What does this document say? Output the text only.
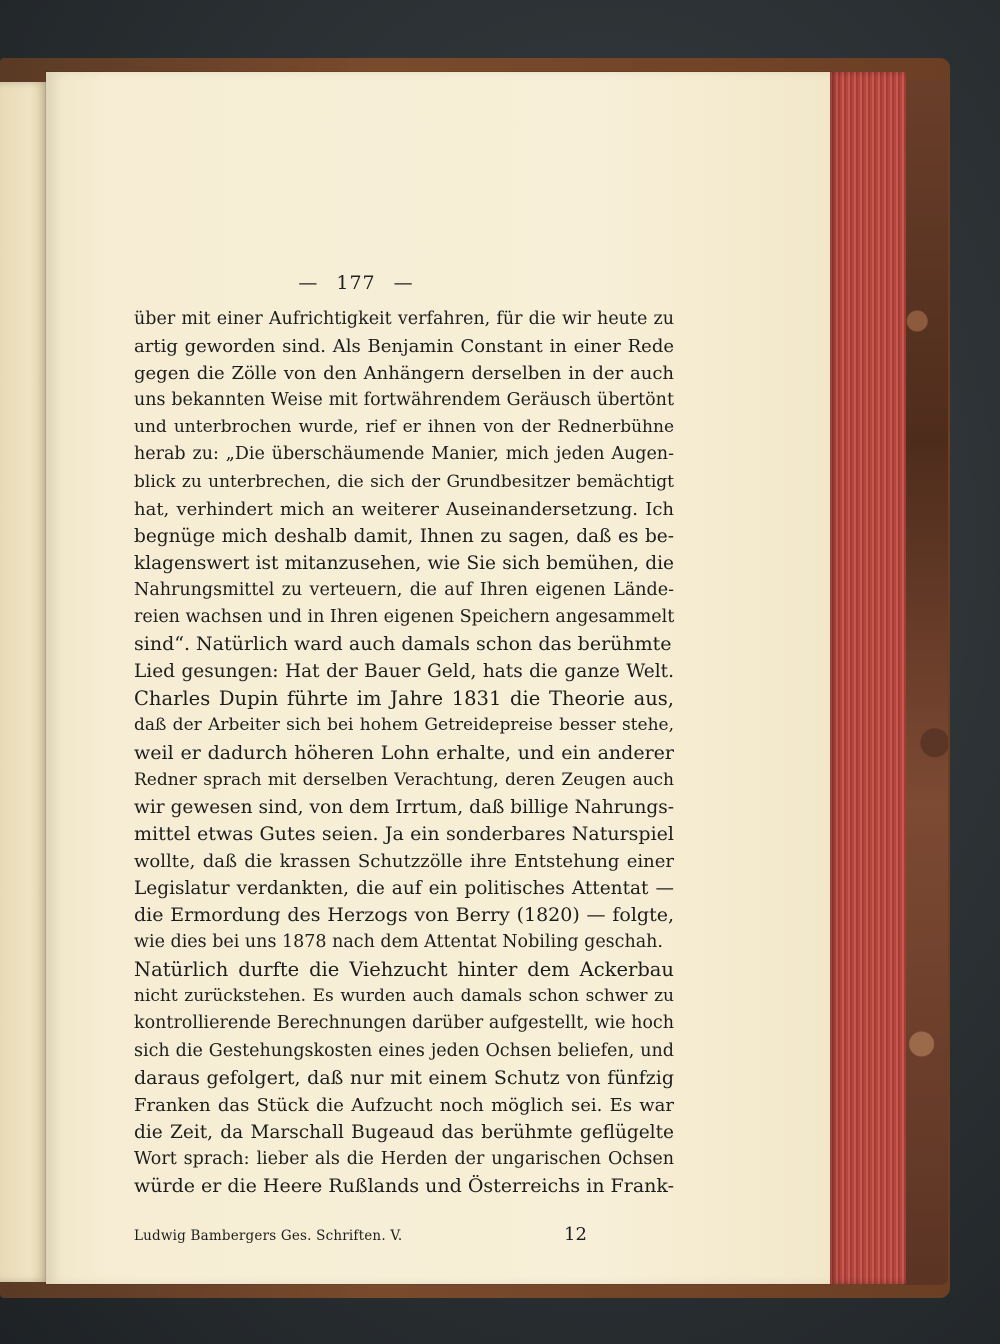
— 177 —
über mit einer Aufrichtigkeit verfahren, für die wir heute zu
artig geworden sind. Als Benjamin Constant in einer Rede
gegen die Zölle von den Anhängern derselben in der auch
uns bekannten Weise mit fortwährendem Geräusch übertönt
und unterbrochen wurde, rief er ihnen von der Rednerbühne
herab zu: „Die überschäumende Manier, mich jeden Augen-
blick zu unterbrechen, die sich der Grundbesitzer bemächtigt
hat, verhindert mich an weiterer Auseinandersetzung. Ich
begnüge mich deshalb damit, Ihnen zu sagen, daß es be-
klagenswert ist mitanzusehen, wie Sie sich bemühen, die
Nahrungsmittel zu verteuern, die auf Ihren eigenen Lände-
reien wachsen und in Ihren eigenen Speichern angesammelt
sind“. Natürlich ward auch damals schon das berühmte
Lied gesungen: Hat der Bauer Geld, hats die ganze Welt.
Charles Dupin führte im Jahre 1831 die Theorie aus,
daß der Arbeiter sich bei hohem Getreidepreise besser stehe,
weil er dadurch höheren Lohn erhalte, und ein anderer
Redner sprach mit derselben Verachtung, deren Zeugen auch
wir gewesen sind, von dem Irrtum, daß billige Nahrungs-
mittel etwas Gutes seien. Ja ein sonderbares Naturspiel
wollte, daß die krassen Schutzzölle ihre Entstehung einer
Legislatur verdankten, die auf ein politisches Attentat —
die Ermordung des Herzogs von Berry (1820) — folgte,
wie dies bei uns 1878 nach dem Attentat Nobiling geschah.
Natürlich durfte die Viehzucht hinter dem Ackerbau
nicht zurückstehen. Es wurden auch damals schon schwer zu
kontrollierende Berechnungen darüber aufgestellt, wie hoch
sich die Gestehungskosten eines jeden Ochsen beliefen, und
daraus gefolgert, daß nur mit einem Schutz von fünfzig
Franken das Stück die Aufzucht noch möglich sei. Es war
die Zeit, da Marschall Bugeaud das berühmte geflügelte
Wort sprach: lieber als die Herden der ungarischen Ochsen
würde er die Heere Rußlands und Österreichs in Frank-
Ludwig Bambergers Ges. Schriften. V.	12
